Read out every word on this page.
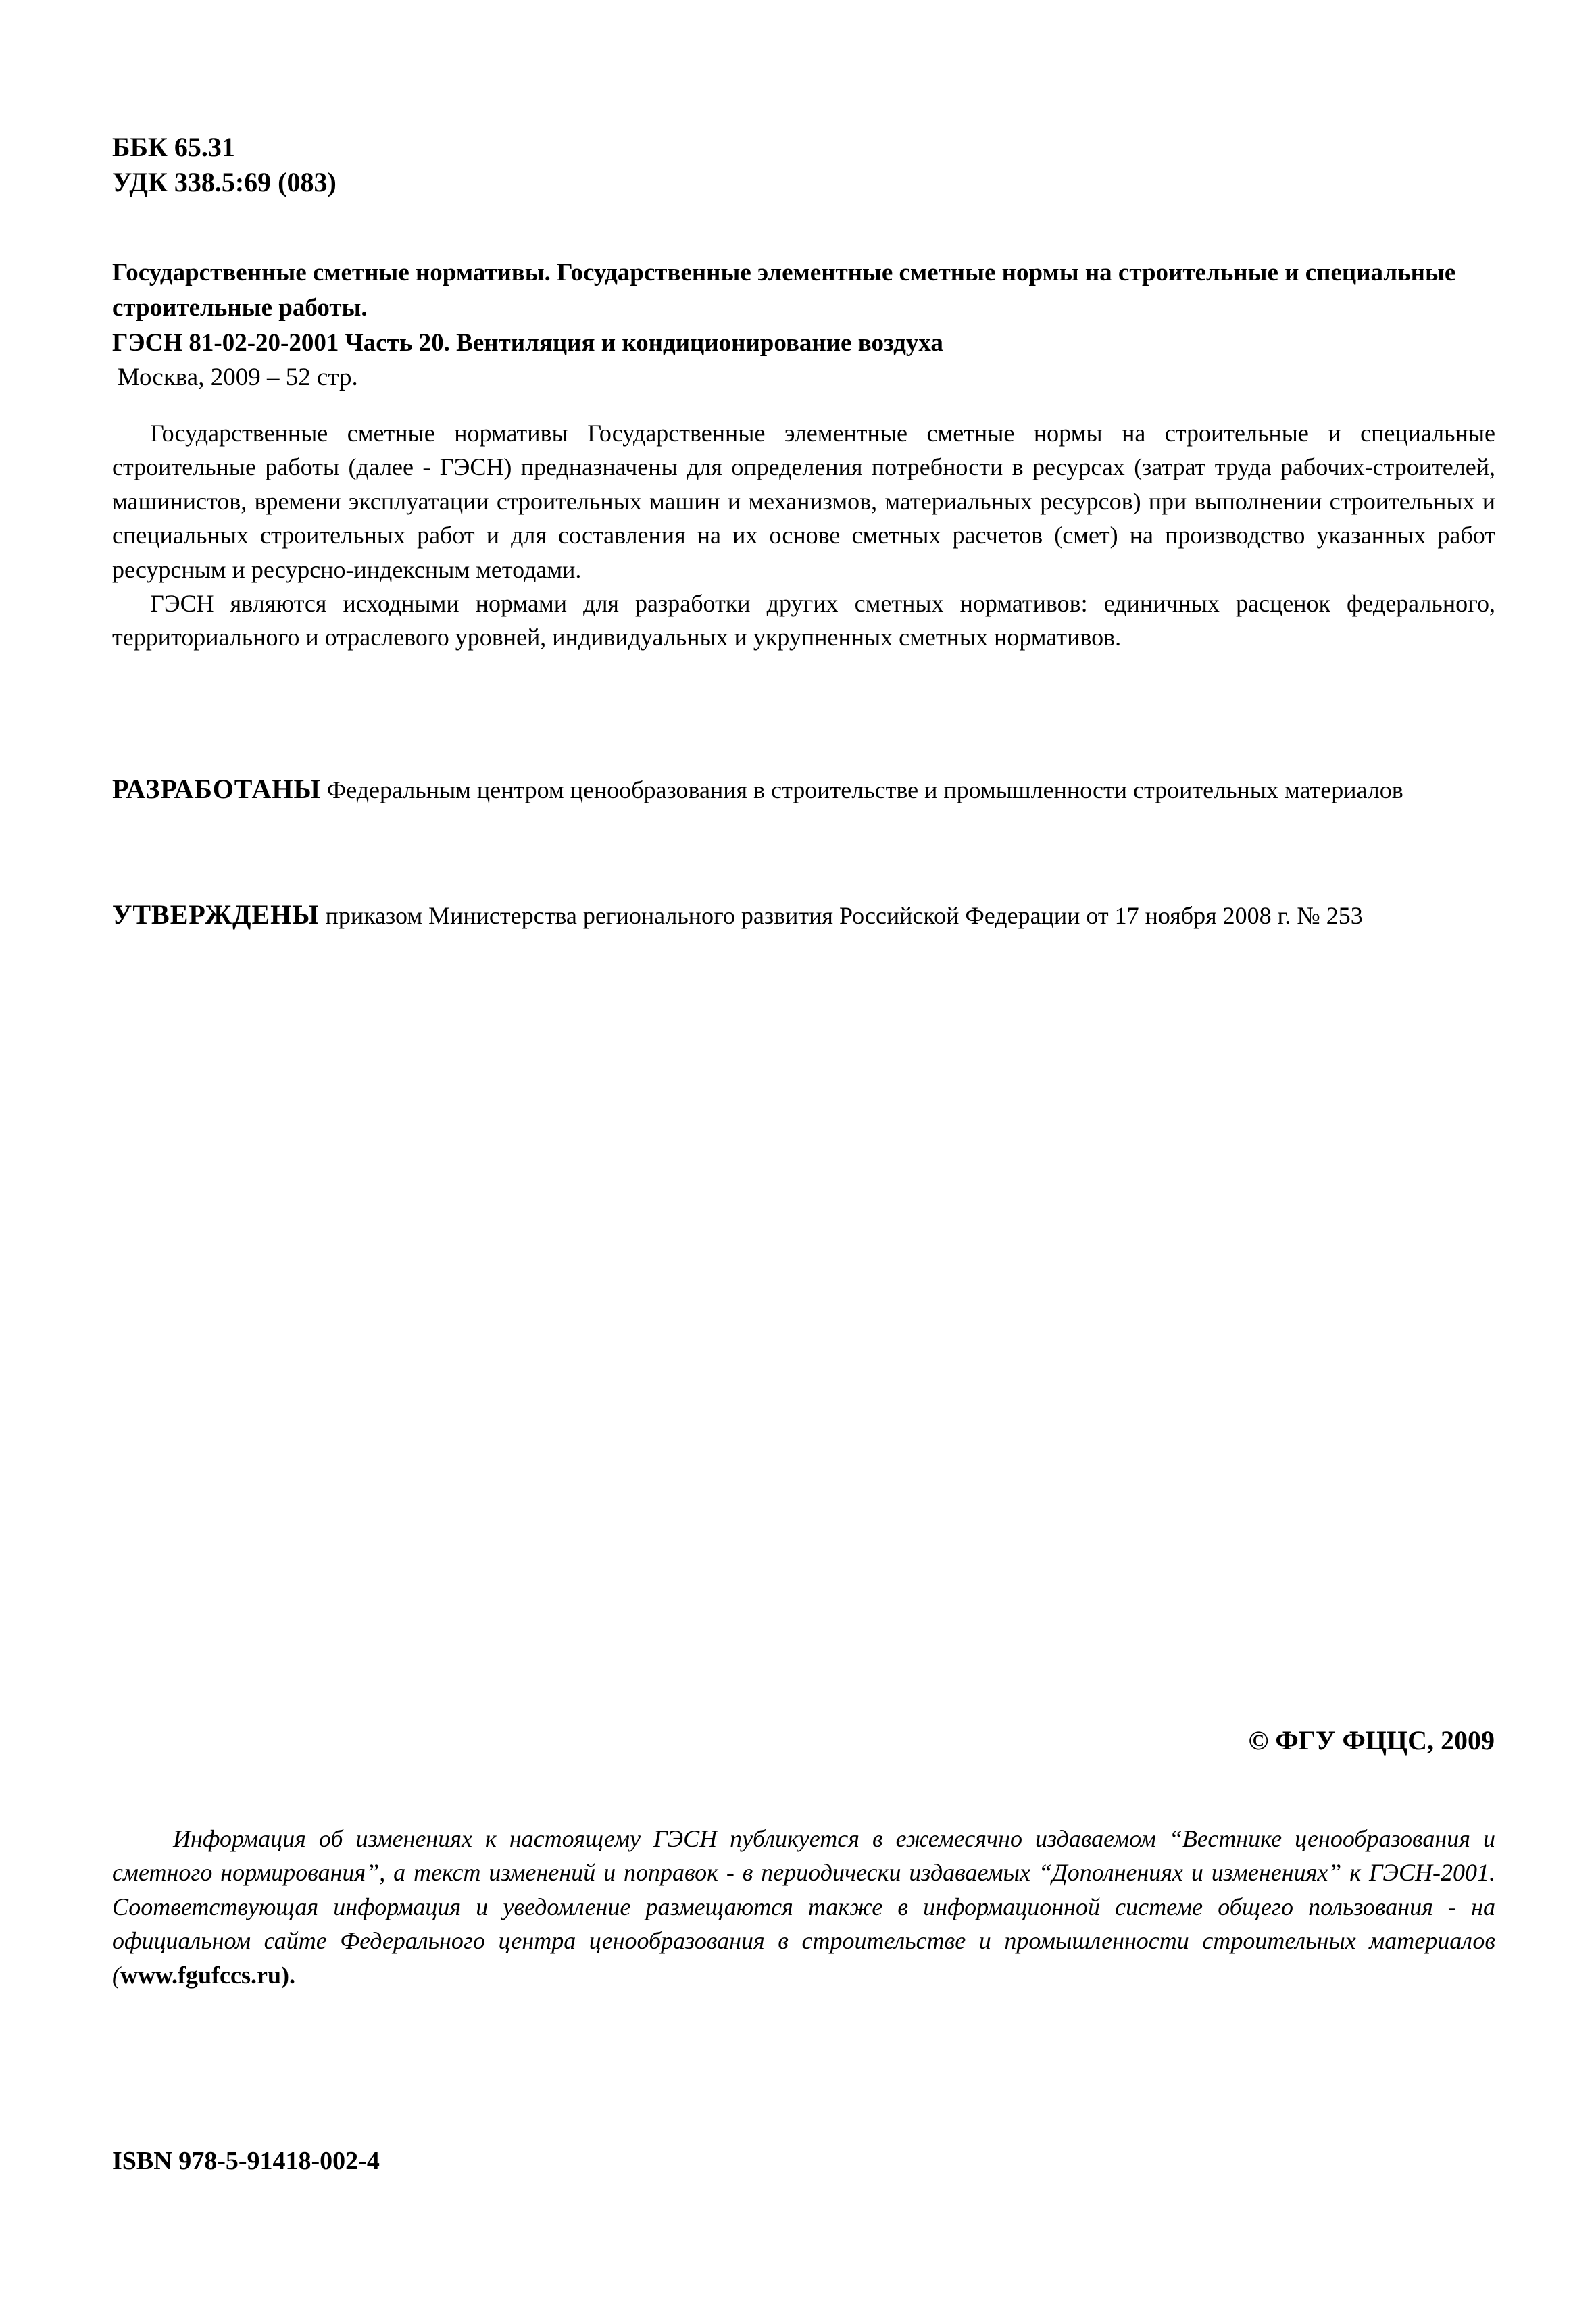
ББК 65.31
УДК 338.5:69 (083)
Государственные сметные нормативы. Государственные элементные сметные нормы на строительные и специальные строительные работы.
ГЭСН 81-02-20-2001 Часть 20. Вентиляция и кондиционирование воздуха
Москва, 2009 – 52 стр.

Государственные сметные нормативы Государственные элементные сметные нормы на строительные и специальные строительные работы (далее - ГЭСН) предназначены для определения потребности в ресурсах (затрат труда рабочих-строителей, машинистов, времени эксплуатации строительных машин и механизмов, материальных ресурсов) при выполнении строительных и специальных строительных работ и для составления на их основе сметных расчетов (смет) на производство указанных работ ресурсным и ресурсно-индексным методами.

ГЭСН являются исходными нормами для разработки других сметных нормативов: единичных расценок федерального, территориального и отраслевого уровней, индивидуальных и укрупненных сметных нормативов.

РАЗРАБОТАНЫ Федеральным центром ценообразования в строительстве и промышленности строительных материалов
УТВЕРЖДЕНЫ приказом Министерства регионального развития Российской Федерации от 17 ноября 2008 г. № 253
© ФГУ ФЦЦС, 2009

Информация об изменениях к настоящему ГЭСН публикуется в ежемесячно издаваемом “Вестнике ценообразования и сметного нормирования”, а текст изменений и поправок - в периодически издаваемых “Дополнениях и изменениях” к ГЭСН-2001. Соответствующая информация и уведомление размещаются также в информационной системе общего пользования - на официальном сайте Федерального центра ценообразования в строительстве и промышленности строительных материалов (www.fgufccs.ru).

ISBN 978-5-91418-002-4
